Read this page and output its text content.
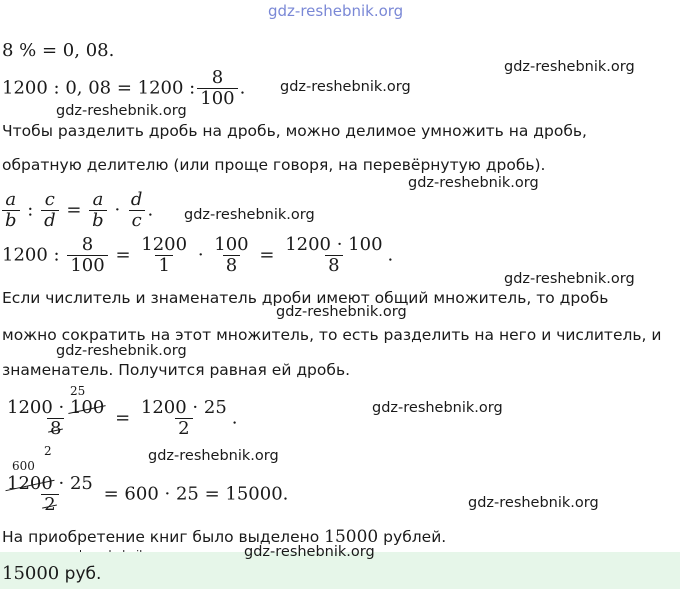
gdz-reshebnik.org
8 % = 0, 08.
gdz-reshebnik.org
1200 : 0, 08 = 1200 : $\frac{8}{100}$ . gdz-reshebnik.org
gdz-reshebnik.org
Чтобы разделить дробь на дробь, можно делимое умножить на дробь,
обратную делителю (или проще говоря, на перевёрнутую дробь).
gdz-reshebnik.org
$\frac{a}{b}$ : $\frac{c}{d} = \frac{a}{b} \cdot \frac{d}{c}$ . gdz-reshebnik.org
1200 : $\frac{8}{100} = \frac{1200}{1} \cdot \frac{100}{8} = \frac{1200 \cdot 100}{8}$ .
gdz-reshebnik.org
Если числитель и знаменатель дроби имеют общий множитель, то дробь
gdz-reshebnik.org
можно сократить на этот множитель, то есть разделить на него и числитель, и
gdz-reshebnik.org
знаменатель. Получится равная ей дробь.
25
$\frac{1200 \cdot 100}{8} = \frac{1200 \cdot 25}{2}$ .
2
gdz-reshebnik.org
gdz-reshebnik.org
600
$\frac{1200 \cdot 25}{2} = 600 \cdot 25 = 15000$.	gdz-reshebnik.org
На приобретение книг было выделено 15000 рублей.
gdz-reshebnik.org
15000 руб.
